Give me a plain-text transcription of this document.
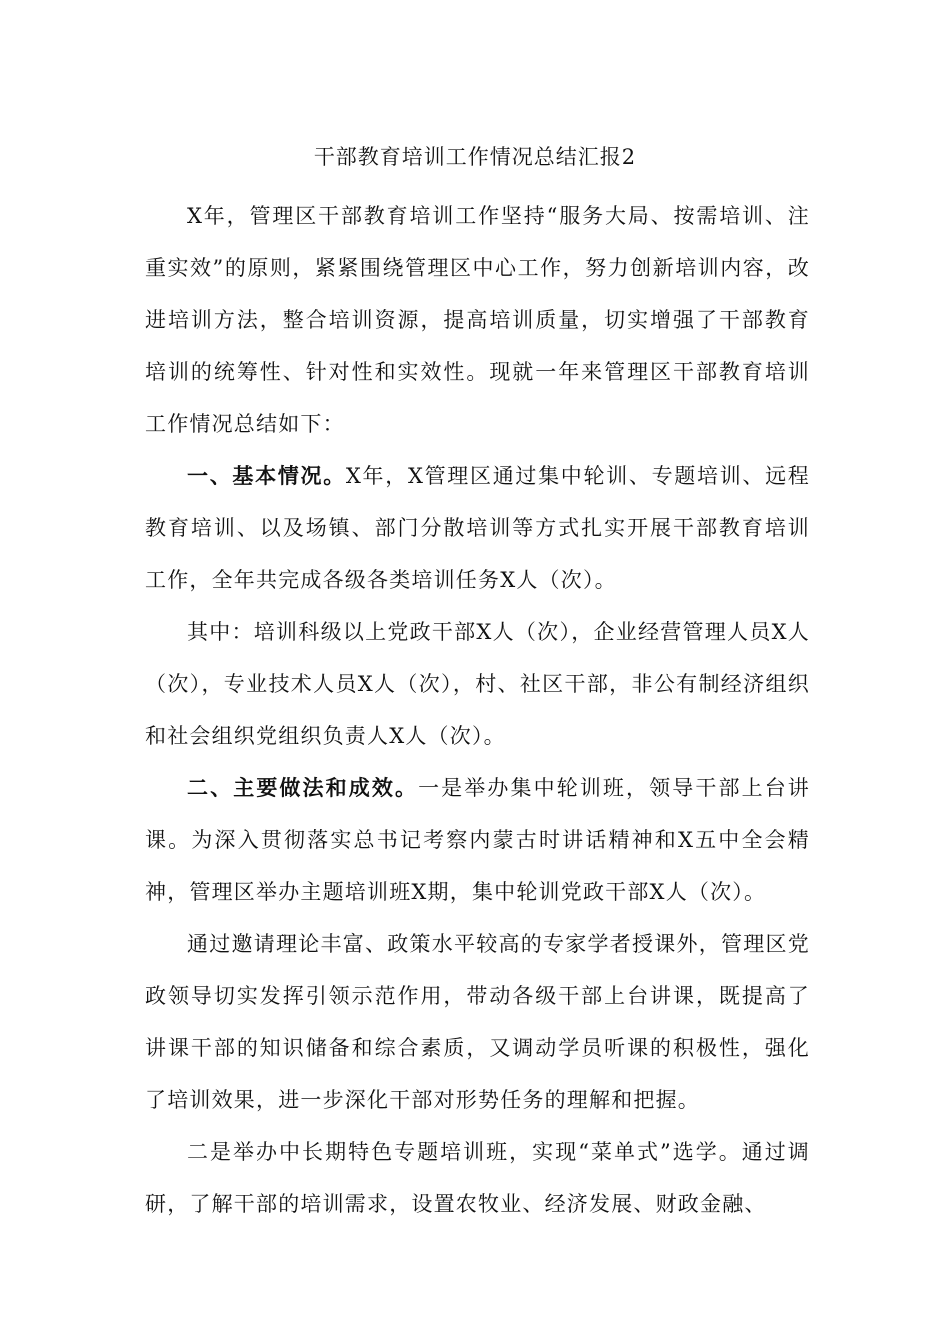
干部教育培训工作情况总结汇报2

X年，管理区干部教育培训工作坚持“服务大局、按需培训、注重实效”的原则，紧紧围绕管理区中心工作，努力创新培训内容，改进培训方法，整合培训资源，提高培训质量，切实增强了干部教育培训的统筹性、针对性和实效性。现就一年来管理区干部教育培训工作情况总结如下：

一、基本情况。X年，X管理区通过集中轮训、专题培训、远程教育培训、以及场镇、部门分散培训等方式扎实开展干部教育培训工作，全年共完成各级各类培训任务X人（次）。

其中：培训科级以上党政干部X人（次），企业经营管理人员X人（次），专业技术人员X人（次），村、社区干部，非公有制经济组织和社会组织党组织负责人X人（次）。

二、主要做法和成效。一是举办集中轮训班，领导干部上台讲课。为深入贯彻落实总书记考察内蒙古时讲话精神和X五中全会精神，管理区举办主题培训班X期，集中轮训党政干部X人（次）。

通过邀请理论丰富、政策水平较高的专家学者授课外，管理区党政领导切实发挥引领示范作用，带动各级干部上台讲课，既提高了讲课干部的知识储备和综合素质，又调动学员听课的积极性，强化了培训效果，进一步深化干部对形势任务的理解和把握。

二是举办中长期特色专题培训班，实现“菜单式”选学。通过调研，了解干部的培训需求，设置农牧业、经济发展、财政金融、
